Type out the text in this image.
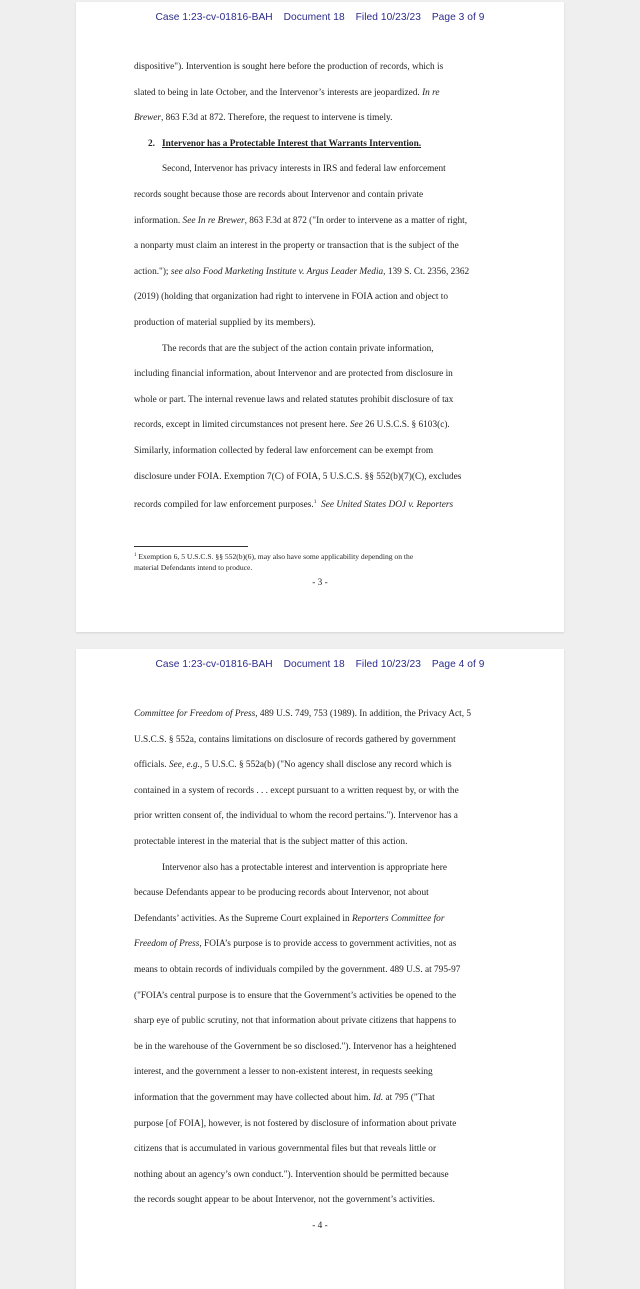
Case 1:23-cv-01816-BAH Document 18 Filed 10/23/23 Page 3 of 9
dispositive"). Intervention is sought here before the production of records, which is
slated to being in late October, and the Intervenor’s interests are jeopardized. In re
Brewer, 863 F.3d at 872. Therefore, the request to intervene is timely.
2. Intervenor has a Protectable Interest that Warrants Intervention.
Second, Intervenor has privacy interests in IRS and federal law enforcement
records sought because those are records about Intervenor and contain private
information. See In re Brewer, 863 F.3d at 872 ("In order to intervene as a matter of right,
a nonparty must claim an interest in the property or transaction that is the subject of the
action."); see also Food Marketing Institute v. Argus Leader Media, 139 S. Ct. 2356, 2362
(2019) (holding that organization had right to intervene in FOIA action and object to
production of material supplied by its members).
The records that are the subject of the action contain private information,
including financial information, about Intervenor and are protected from disclosure in
whole or part. The internal revenue laws and related statutes prohibit disclosure of tax
records, except in limited circumstances not present here. See 26 U.S.C.S. § 6103(c).
Similarly, information collected by federal law enforcement can be exempt from
disclosure under FOIA. Exemption 7(C) of FOIA, 5 U.S.C.S. §§ 552(b)(7)(C), excludes
records compiled for law enforcement purposes.$^1$ See United States DOJ v. Reporters
$^1$ Exemption 6, 5 U.S.C.S. §§ 552(b)(6), may also have some applicability depending on the
material Defendants intend to produce.
- 3 -
Case 1:23-cv-01816-BAH Document 18 Filed 10/23/23 Page 4 of 9
Committee for Freedom of Press, 489 U.S. 749, 753 (1989). In addition, the Privacy Act, 5
U.S.C.S. § 552a, contains limitations on disclosure of records gathered by government
officials. See, e.g., 5 U.S.C. § 552a(b) ("No agency shall disclose any record which is
contained in a system of records . . . except pursuant to a written request by, or with the
prior written consent of, the individual to whom the record pertains."). Intervenor has a
protectable interest in the material that is the subject matter of this action.
Intervenor also has a protectable interest and intervention is appropriate here
because Defendants appear to be producing records about Intervenor, not about
Defendants’ activities. As the Supreme Court explained in Reporters Committee for
Freedom of Press, FOIA’s purpose is to provide access to government activities, not as
means to obtain records of individuals compiled by the government. 489 U.S. at 795-97
("FOIA’s central purpose is to ensure that the Government’s activities be opened to the
sharp eye of public scrutiny, not that information about private citizens that happens to
be in the warehouse of the Government be so disclosed."). Intervenor has a heightened
interest, and the government a lesser to non-existent interest, in requests seeking
information that the government may have collected about him. Id. at 795 ("That
purpose [of FOIA], however, is not fostered by disclosure of information about private
citizens that is accumulated in various governmental files but that reveals little or
nothing about an agency’s own conduct."). Intervention should be permitted because
the records sought appear to be about Intervenor, not the government’s activities.
- 4 -
